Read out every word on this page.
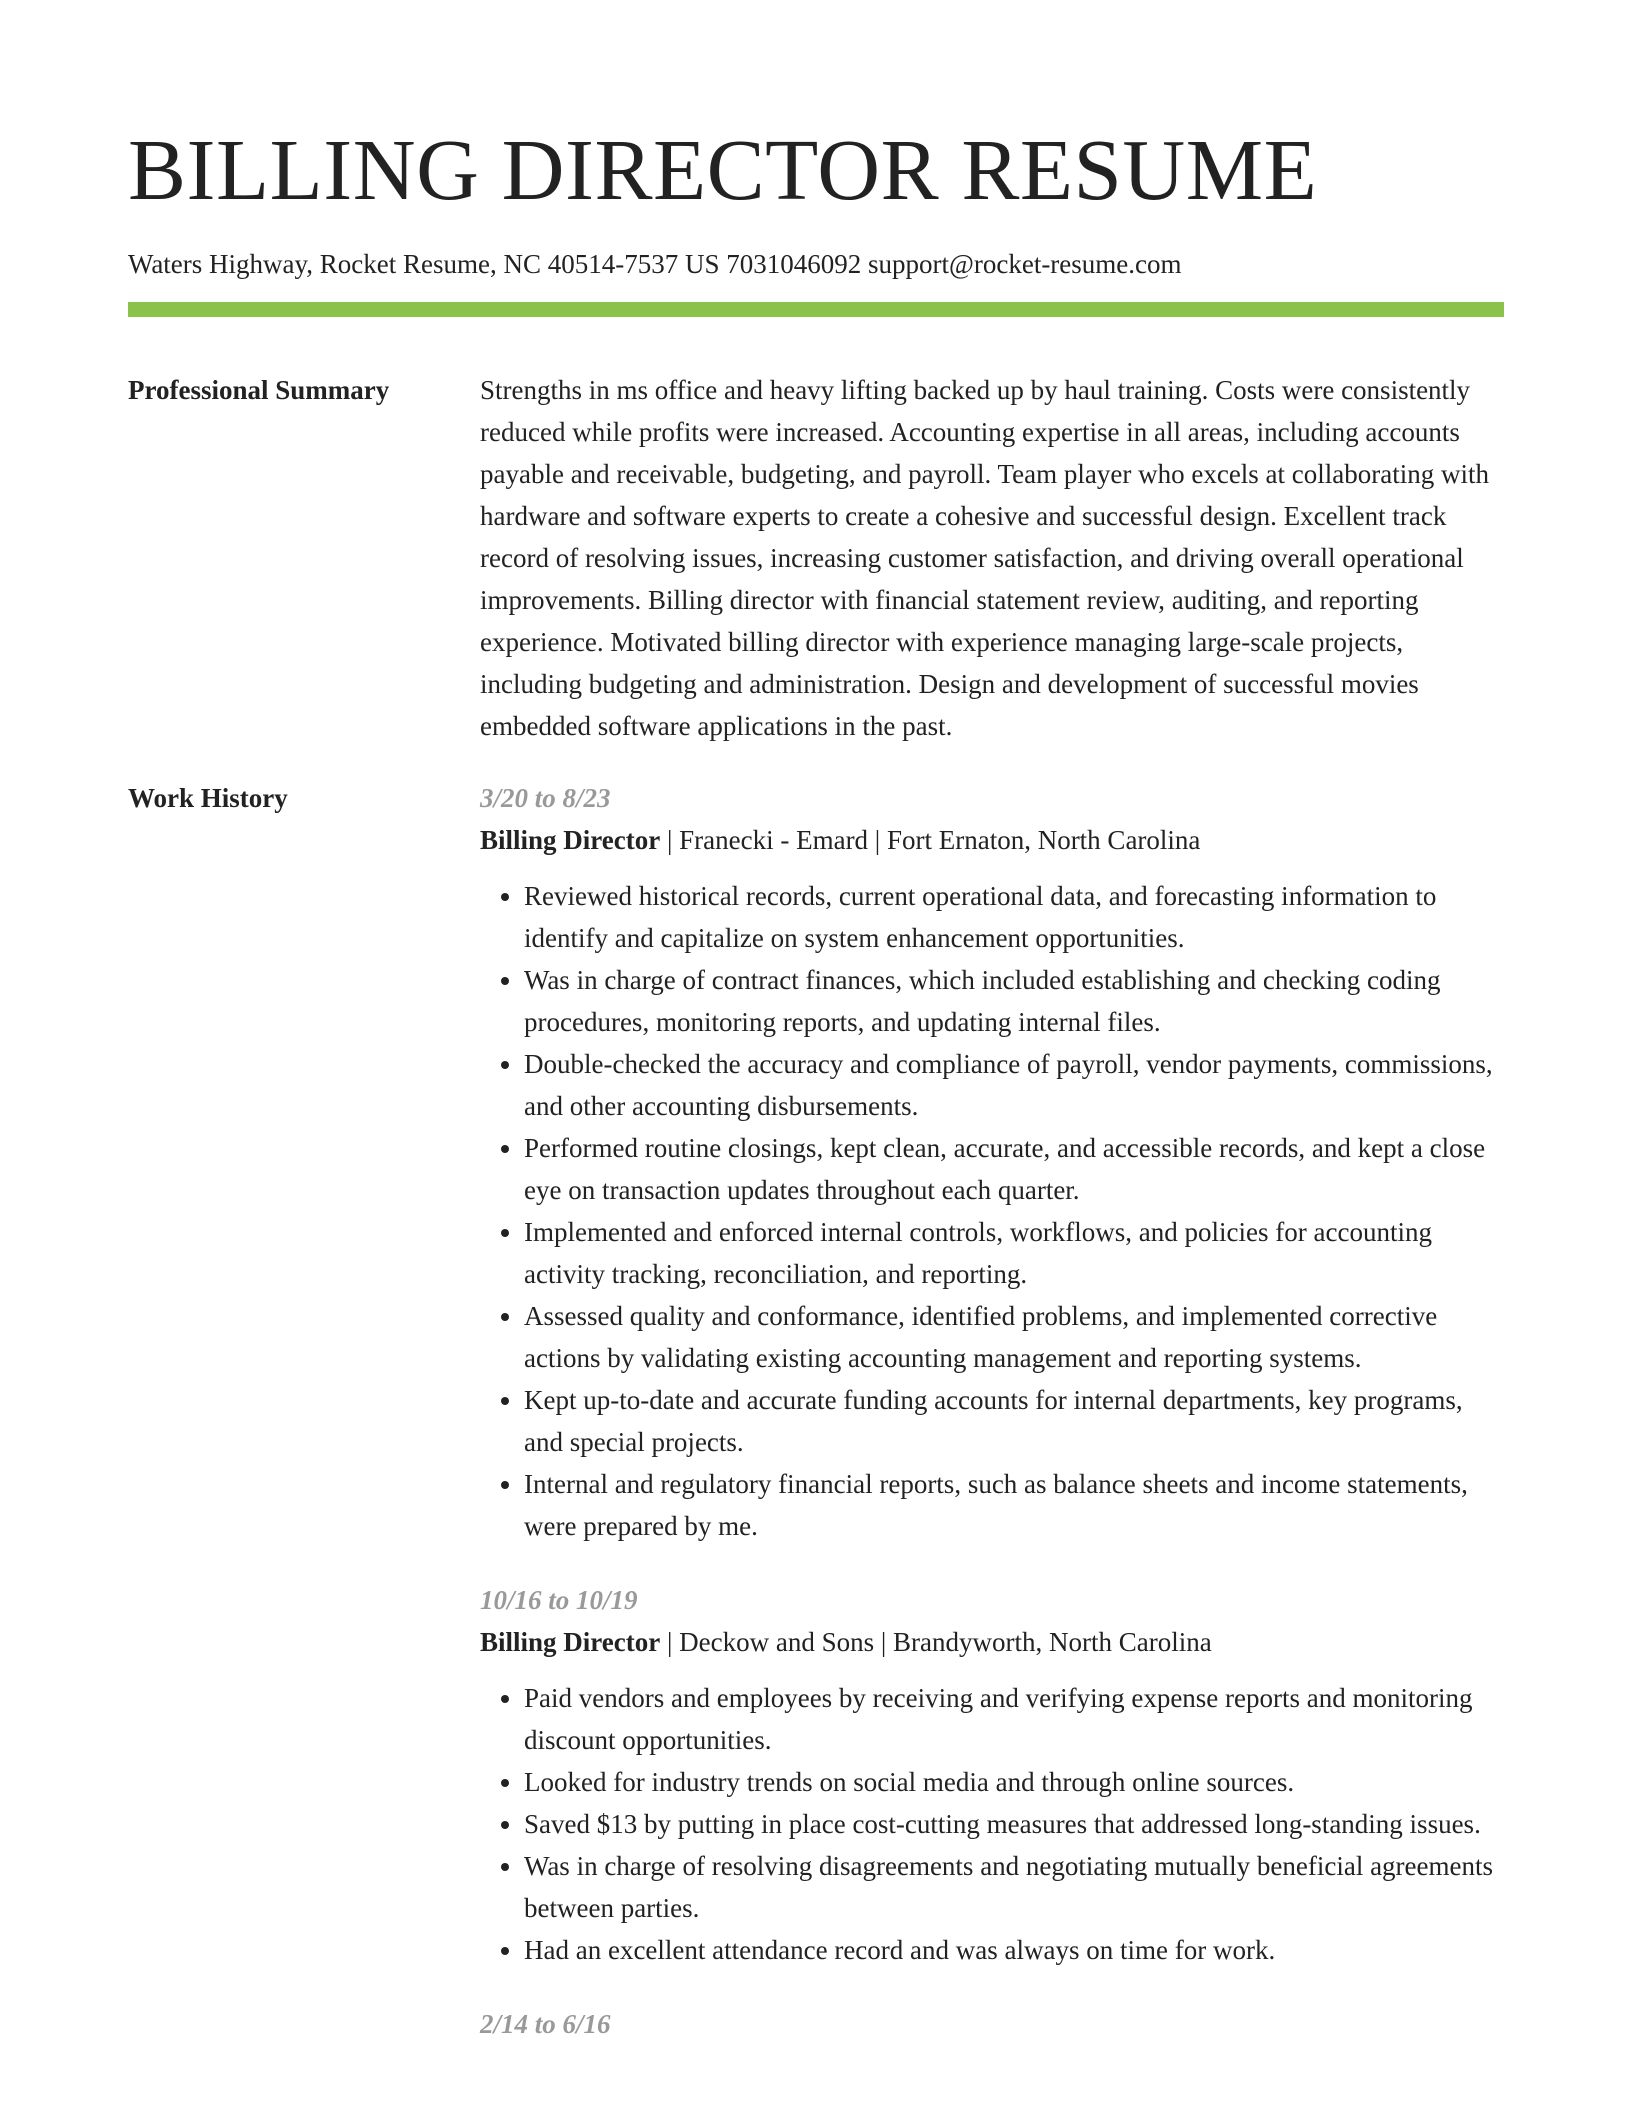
BILLING DIRECTOR RESUME
Waters Highway, Rocket Resume, NC 40514-7537 US 7031046092 support@rocket-resume.com
Professional Summary	Strengths in ms office and heavy lifting backed up by haul training. Costs were consistently reduced while profits were increased. Accounting expertise in all areas, including accounts payable and receivable, budgeting, and payroll. Team player who excels at collaborating with hardware and software experts to create a cohesive and successful design. Excellent track record of resolving issues, increasing customer satisfaction, and driving overall operational improvements. Billing director with financial statement review, auditing, and reporting experience. Motivated billing director with experience managing large-scale projects, including budgeting and administration. Design and development of successful movies embedded software applications in the past.

Work History	3/20 to 8/23
Billing Director | Franecki - Emard | Fort Ernaton, North Carolina
• Reviewed historical records, current operational data, and forecasting information to identify and capitalize on system enhancement opportunities.
• Was in charge of contract finances, which included establishing and checking coding procedures, monitoring reports, and updating internal files.
• Double-checked the accuracy and compliance of payroll, vendor payments, commissions, and other accounting disbursements.
• Performed routine closings, kept clean, accurate, and accessible records, and kept a close eye on transaction updates throughout each quarter.
• Implemented and enforced internal controls, workflows, and policies for accounting activity tracking, reconciliation, and reporting.
• Assessed quality and conformance, identified problems, and implemented corrective actions by validating existing accounting management and reporting systems.
• Kept up-to-date and accurate funding accounts for internal departments, key programs, and special projects.
• Internal and regulatory financial reports, such as balance sheets and income statements, were prepared by me.
10/16 to 10/19
Billing Director | Deckow and Sons | Brandyworth, North Carolina
• Paid vendors and employees by receiving and verifying expense reports and monitoring discount opportunities.
• Looked for industry trends on social media and through online sources.
• Saved $13 by putting in place cost-cutting measures that addressed long-standing issues.
• Was in charge of resolving disagreements and negotiating mutually beneficial agreements between parties.
• Had an excellent attendance record and was always on time for work.
2/14 to 6/16
